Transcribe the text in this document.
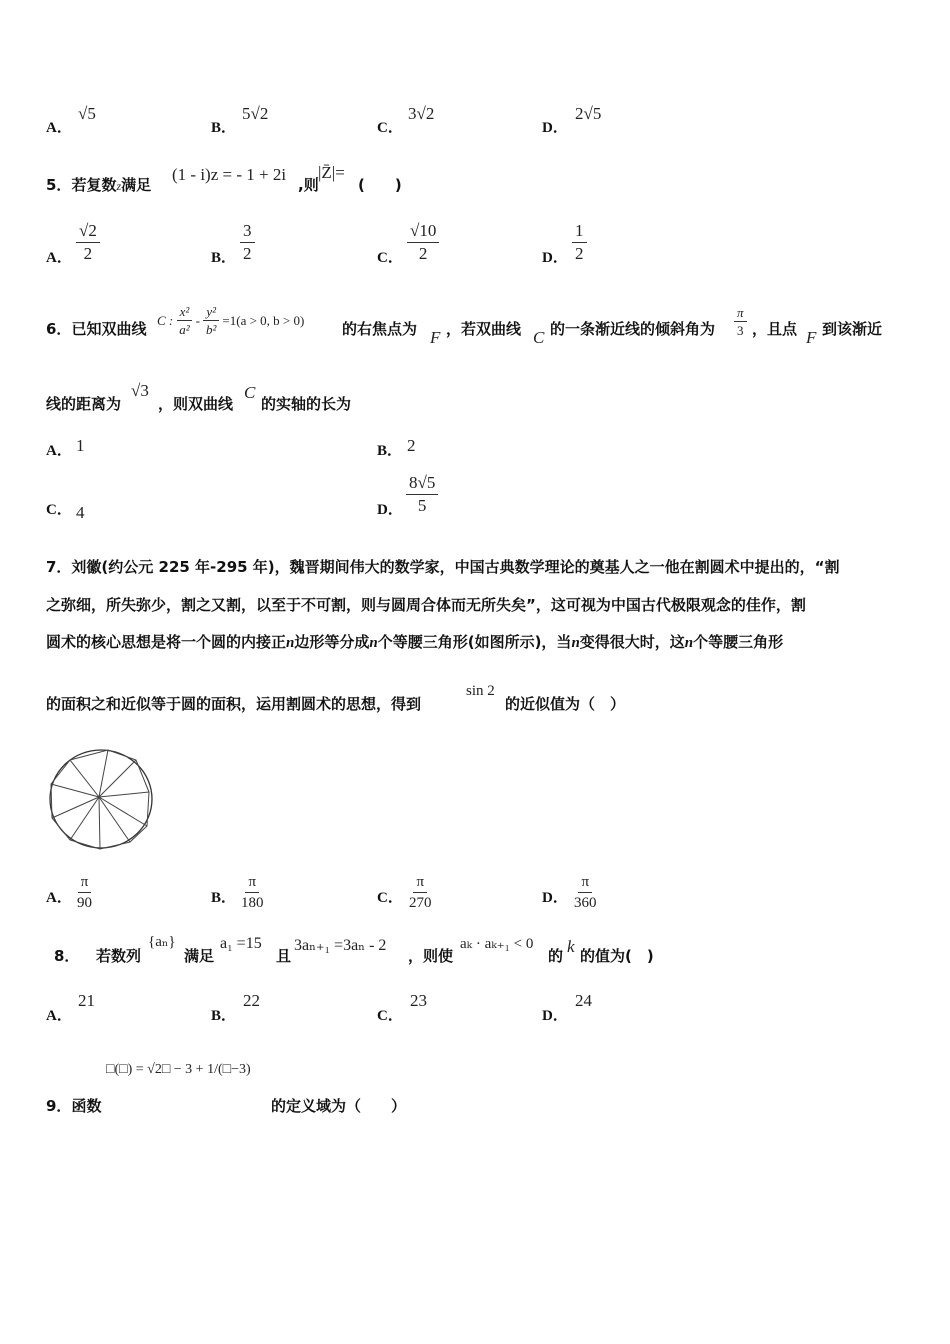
A．
√5
B．
5√2
C．
3√2
D．
2√5
5．若复数z满足
(1 - i)z = - 1 + 2i
,则
|Z̄|=
(　　)
A． $\frac{√2}{2}$	B． $\frac{3}{2}$	C． $\frac{√10}{2}$	D． $\frac{1}{2}$
6．已知双曲线 C : $\frac{\text{x²}}{\text{a²}} - \frac{\text{y²}}{\text{b²}} =1(a > 0$, b > 0)	的右焦点为 F ，若双曲线 C 的一条渐近线的倾斜角为 $\frac{\pi}{3}$ ，且点 F 到该渐近
线的距离为
√3
，则双曲线
C
的实轴的长为
A． 1	B． 2
C． 4	D． $\frac{8√5}{5}$
7．刘徽(约公元 225 年-295 年)，魏晋期间伟大的数学家，中国古典数学理论的奠基人之一他在割圆术中提出的，“割
之弥细，所失弥少，割之又割，以至于不可割，则与圆周合体而无所失矣”，这可视为中国古代极限观念的佳作，割
圆术的核心思想是将一个圆的内接正n边形等分成n个等腰三角形(如图所示)，当n变得很大时，这n个等腰三角形
的面积之和近似等于圆的面积，运用割圆术的思想，得到
sin 2
的近似值为（　）
A． $\frac{\pi}{90}$	B． $\frac{\pi}{180}$	C． $\frac{\pi}{270}$	D． $\frac{\pi}{360}$
8． 若数列
{aₙ}
满足
a₁ =15
且
3aₙ₊₁ =3aₙ - 2
，则使
aₖ · aₖ₊₁ < 0
的 k 的值为(　)
A．
21
B．
22
C．
23
D．
24
□(□) = √2□ − 3 + 1/(□−3)
9．函数	的定义域为（　　）
